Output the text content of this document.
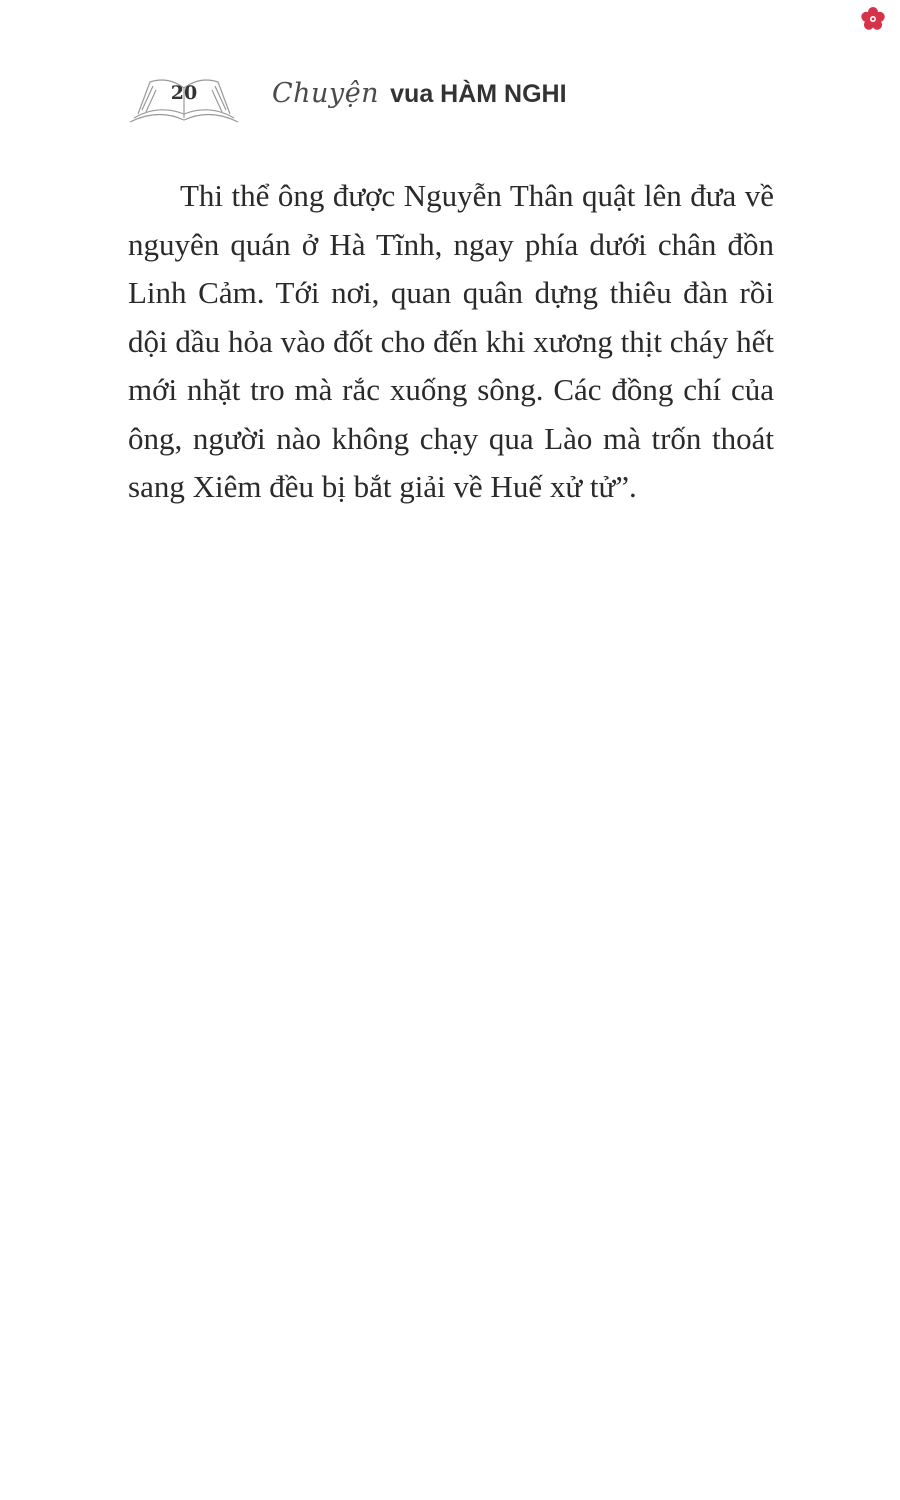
20	Chuyện vua HÀM NGHI

Thi thể ông được Nguyễn Thân quật lên đưa về nguyên quán ở Hà Tĩnh, ngay phía dưới chân đồn Linh Cảm. Tới nơi, quan quân dựng thiêu đàn rồi dội dầu hỏa vào đốt cho đến khi xương thịt cháy hết mới nhặt tro mà rắc xuống sông. Các đồng chí của ông, người nào không chạy qua Lào mà trốn thoát sang Xiêm đều bị bắt giải về Huế xử tử”.
